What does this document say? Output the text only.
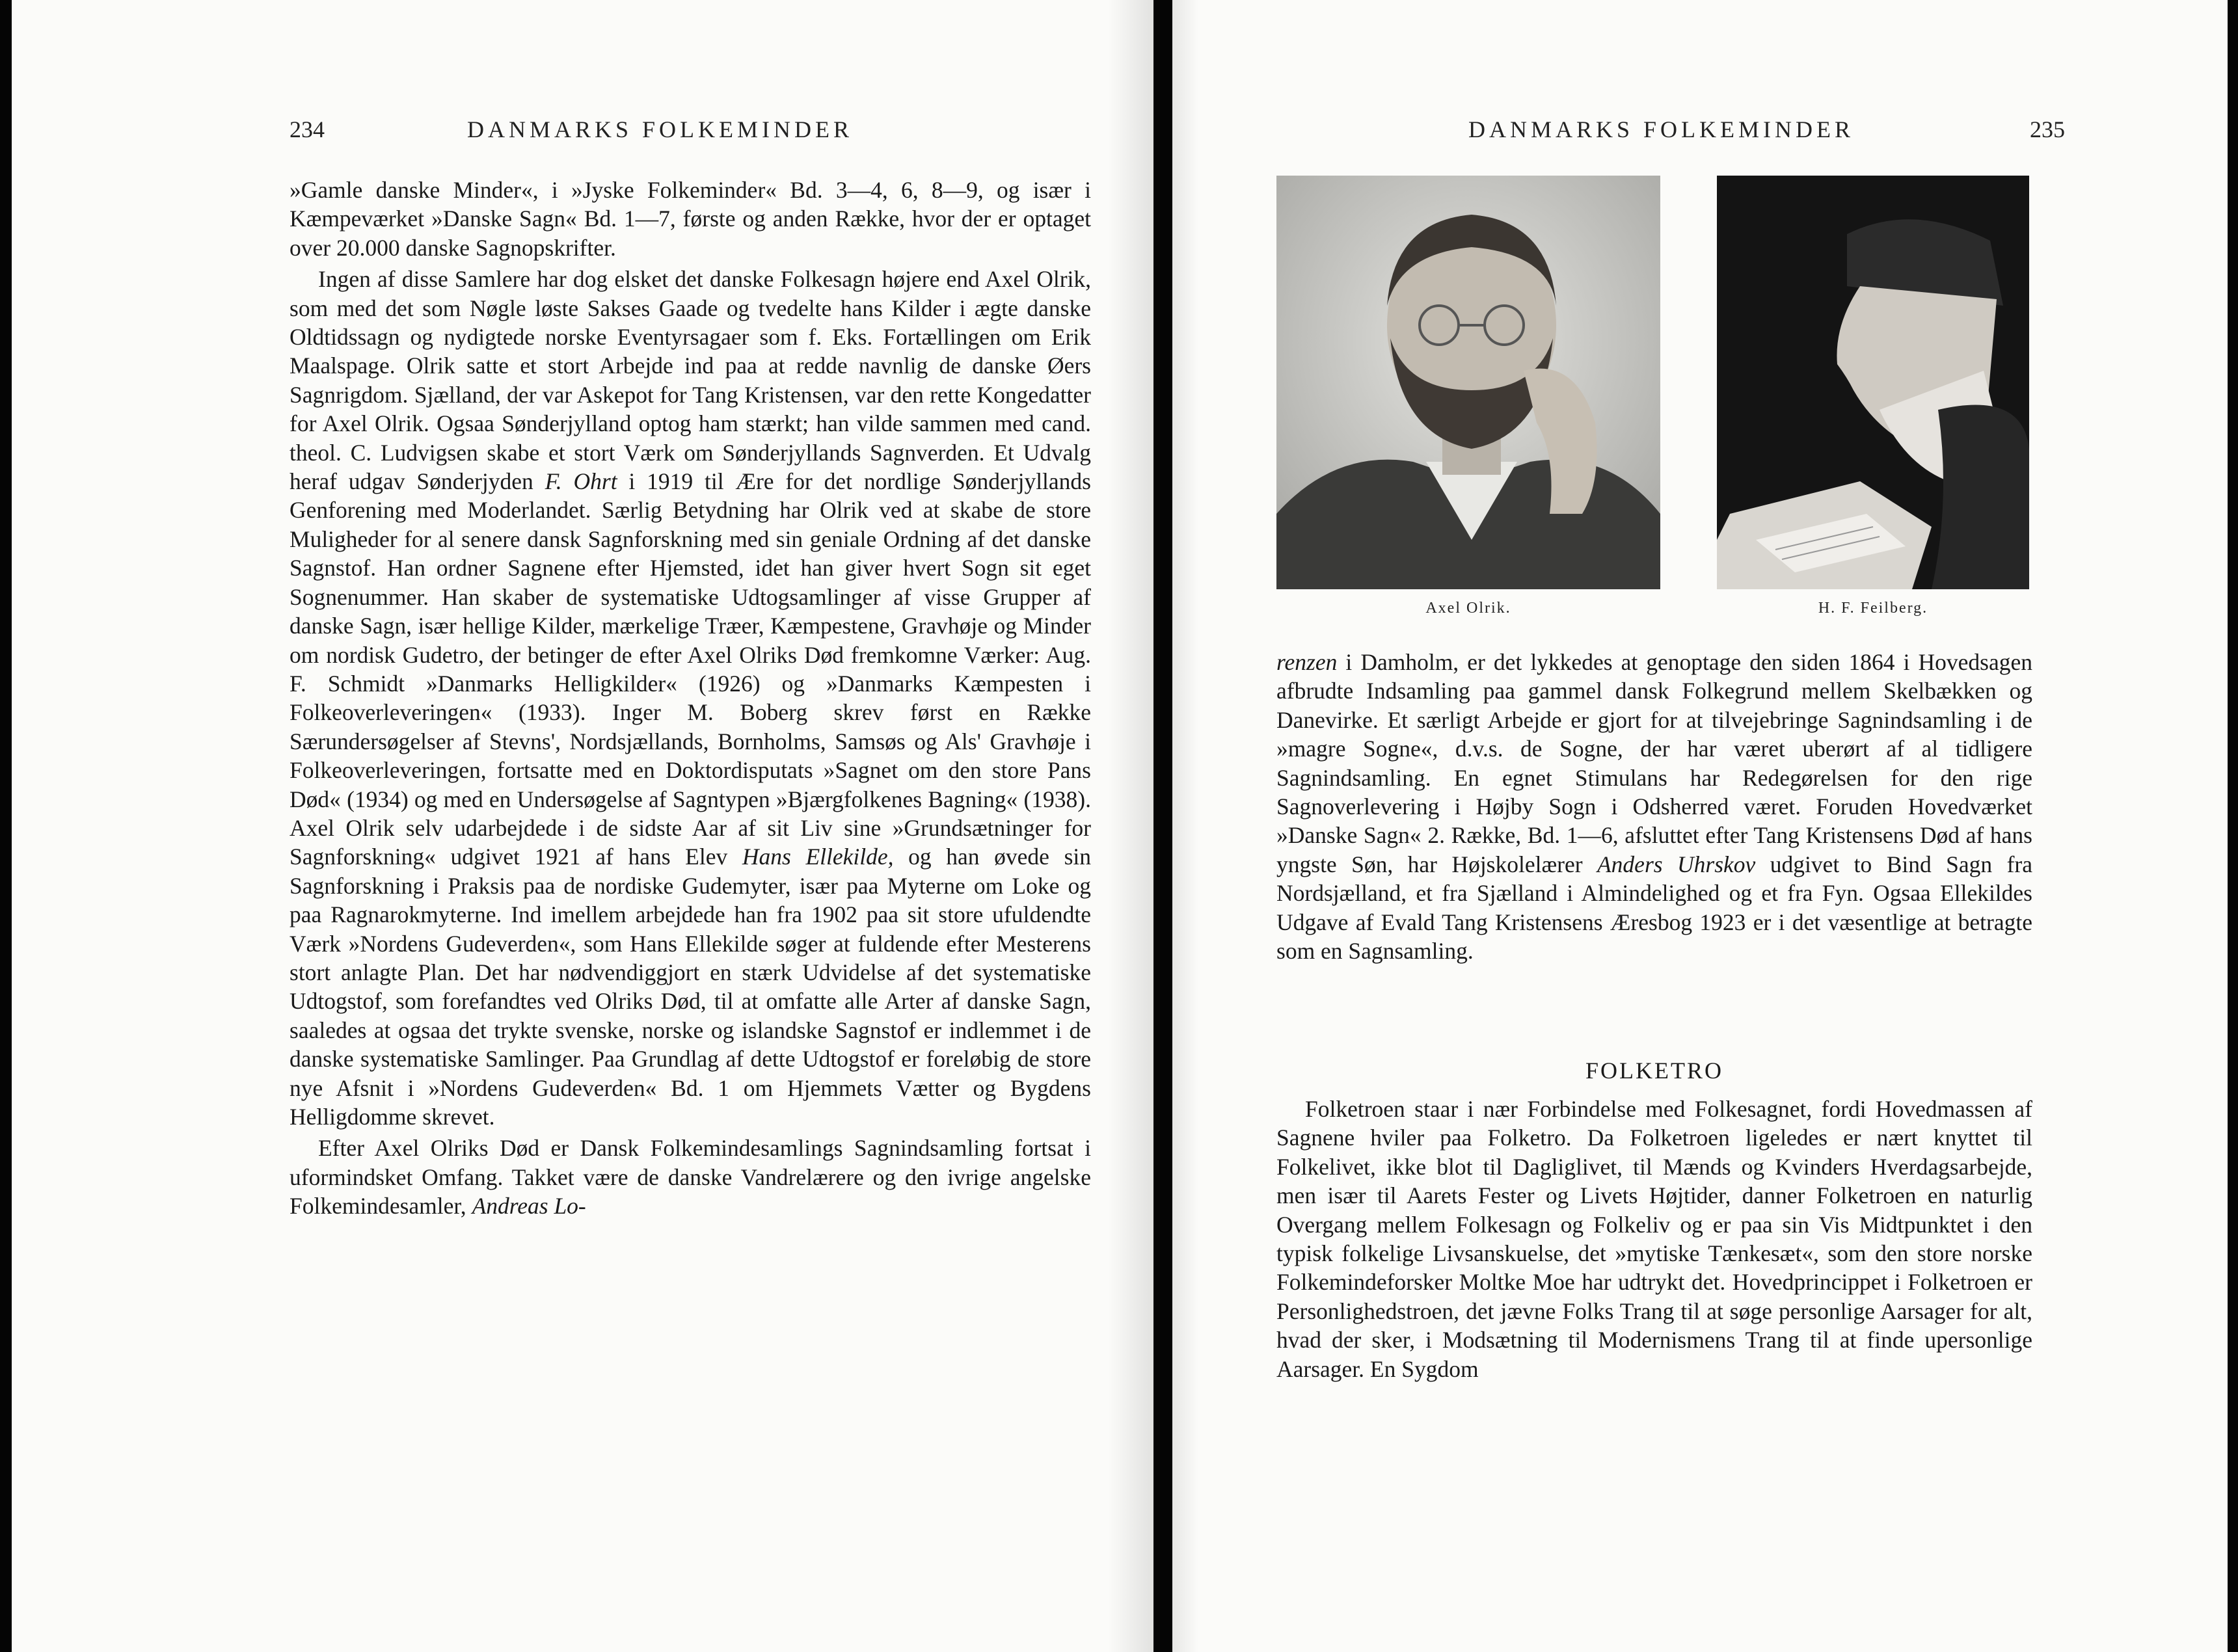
234	DANMARKS FOLKEMINDER

»Gamle danske Minder«, i »Jyske Folkeminder« Bd. 3—4, 6, 8—9, og især i Kæmpeværket »Danske Sagn« Bd. 1—7, første og anden Række, hvor der er optaget over 20.000 danske Sagnopskrifter.

Ingen af disse Samlere har dog elsket det danske Folkesagn højere end Axel Olrik, som med det som Nøgle løste Sakses Gaade og tvedelte hans Kilder i ægte danske Oldtidssagn og nydigtede norske Eventyrsagaer som f. Eks. Fortællingen om Erik Maalspage. Olrik satte et stort Arbejde ind paa at redde navnlig de danske Øers Sagnrigdom. Sjælland, der var Askepot for Tang Kristensen, var den rette Kongedatter for Axel Olrik. Ogsaa Sønderjylland optog ham stærkt; han vilde sammen med cand. theol. C. Ludvigsen skabe et stort Værk om Sønderjyllands Sagnverden. Et Udvalg heraf udgav Sønderjyden F. Ohrt i 1919 til Ære for det nordlige Sønderjyllands Genforening med Moderlandet. Særlig Betydning har Olrik ved at skabe de store Muligheder for al senere dansk Sagnforskning med sin geniale Ordning af det danske Sagnstof. Han ordner Sagnene efter Hjemsted, idet han giver hvert Sogn sit eget Sognenummer. Han skaber de systematiske Udtogsamlinger af visse Grupper af danske Sagn, især hellige Kilder, mærkelige Træer, Kæmpestene, Gravhøje og Minder om nordisk Gudetro, der betinger de efter Axel Olriks Død fremkomne Værker: Aug. F. Schmidt »Danmarks Helligkilder« (1926) og »Danmarks Kæmpesten i Folkeoverleveringen« (1933). Inger M. Boberg skrev først en Række Særundersøgelser af Stevns', Nordsjællands, Bornholms, Samsøs og Als' Gravhøje i Folkeoverleveringen, fortsatte med en Doktordisputats »Sagnet om den store Pans Død« (1934) og med en Undersøgelse af Sagntypen »Bjærgfolkenes Bagning« (1938). Axel Olrik selv udarbejdede i de sidste Aar af sit Liv sine »Grundsætninger for Sagnforskning« udgivet 1921 af hans Elev Hans Ellekilde, og han øvede sin Sagnforskning i Praksis paa de nordiske Gudemyter, især paa Myterne om Loke og paa Ragnarokmyterne. Ind imellem arbejdede han fra 1902 paa sit store ufuldendte Værk »Nordens Gudeverden«, som Hans Ellekilde søger at fuldende efter Mesterens stort anlagte Plan. Det har nødvendiggjort en stærk Udvidelse af det systematiske Udtogstof, som forefandtes ved Olriks Død, til at omfatte alle Arter af danske Sagn, saaledes at ogsaa det trykte svenske, norske og islandske Sagnstof er indlemmet i de danske systematiske Samlinger. Paa Grundlag af dette Udtogstof er foreløbig de store nye Afsnit i »Nordens Gudeverden« Bd. 1 om Hjemmets Vætter og Bygdens Helligdomme skrevet.

Efter Axel Olriks Død er Dansk Folkemindesamlings Sagnindsamling fortsat i uformindsket Omfang. Takket være de danske Vandrelærere og den ivrige angelske Folkemindesamler, Andreas Lo-

DANMARKS FOLKEMINDER	235
Axel Olrik.	H. F. Feilberg.

renzen i Damholm, er det lykkedes at genoptage den siden 1864 i Hovedsagen afbrudte Indsamling paa gammel dansk Folkegrund mellem Skelbækken og Danevirke. Et særligt Arbejde er gjort for at tilvejebringe Sagnindsamling i de »magre Sogne«, d.v.s. de Sogne, der har været uberørt af al tidligere Sagnindsamling. En egnet Stimulans har Redegørelsen for den rige Sagnoverlevering i Højby Sogn i Odsherred været. Foruden Hovedværket »Danske Sagn« 2. Række, Bd. 1—6, afsluttet efter Tang Kristensens Død af hans yngste Søn, har Højskolelærer Anders Uhrskov udgivet to Bind Sagn fra Nordsjælland, et fra Sjælland i Almindelighed og et fra Fyn. Ogsaa Ellekildes Udgave af Evald Tang Kristensens Æresbog 1923 er i det væsentlige at betragte som en Sagnsamling.

FOLKETRO

Folketroen staar i nær Forbindelse med Folkesagnet, fordi Hovedmassen af Sagnene hviler paa Folketro. Da Folketroen ligeledes er nært knyttet til Folkelivet, ikke blot til Dagliglivet, til Mænds og Kvinders Hverdagsarbejde, men især til Aarets Fester og Livets Højtider, danner Folketroen en naturlig Overgang mellem Folkesagn og Folkeliv og er paa sin Vis Midtpunktet i den typisk folkelige Livsanskuelse, det »mytiske Tænkesæt«, som den store norske Folkemindeforsker Moltke Moe har udtrykt det. Hovedprincippet i Folketroen er Personlighedstroen, det jævne Folks Trang til at søge personlige Aarsager for alt, hvad der sker, i Modsætning til Modernismens Trang til at finde upersonlige Aarsager. En Sygdom
